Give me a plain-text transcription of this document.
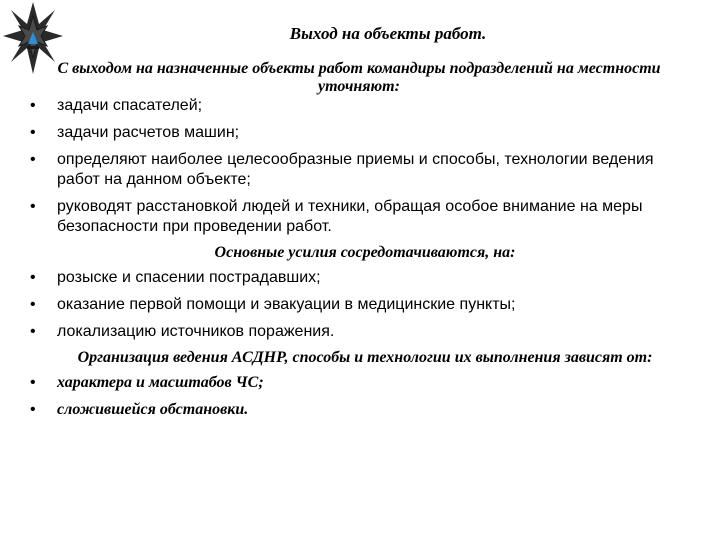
Выход на объекты работ.
С выходом на назначенные объекты работ командиры подразделений на местности уточняют:
•	задачи спасателей;
•	задачи расчетов машин;
•	определяют наиболее целесообразные приемы и способы, технологии ведения работ на данном объекте;
•	руководят расстановкой людей и техники, обращая особое внимание на меры безопасности при проведении работ.
Основные усилия сосредотачиваются, на:
•	розыске и спасении пострадавших;
•	оказание первой помощи и эвакуации в медицинские пункты;
•	локализацию источников поражения.
Организация ведения АСДНР, способы и технологии их выполнения зависят от:
•	характера и масштабов ЧС;
•	сложившейся обстановки.
